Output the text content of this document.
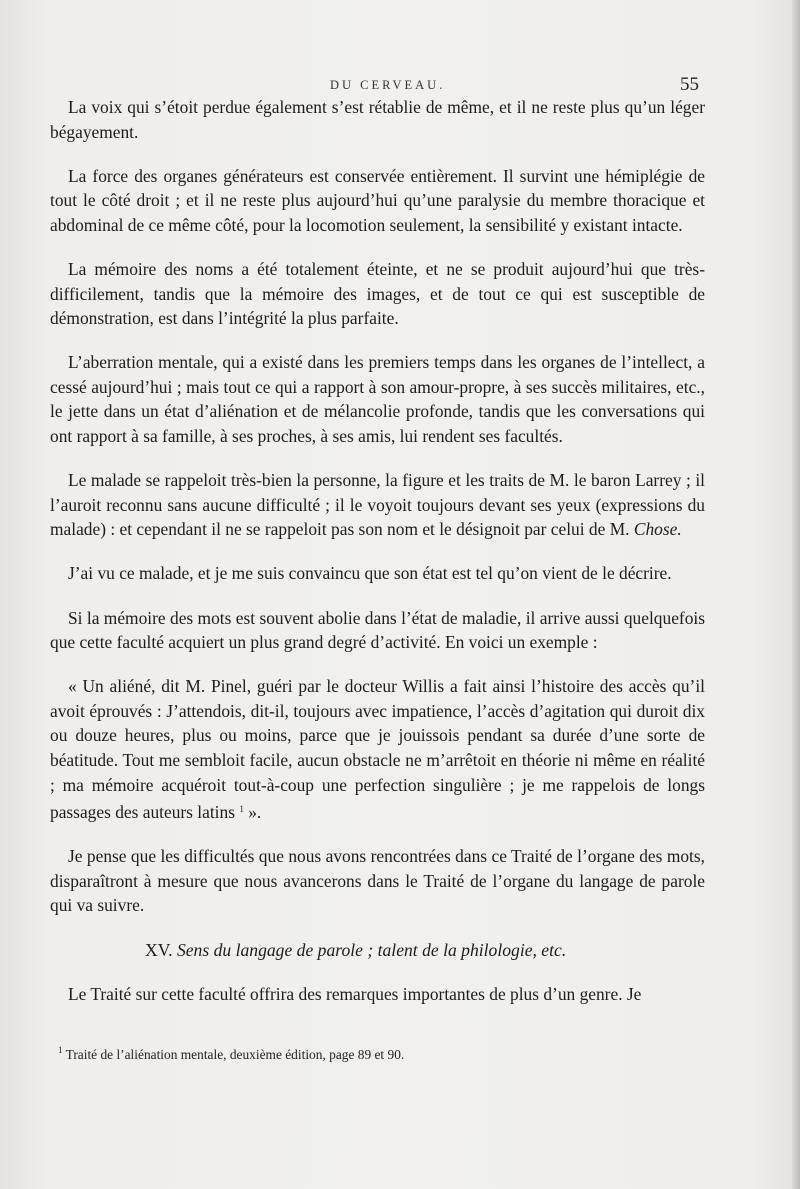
DU CERVEAU.	55

La voix qui s’étoit perdue également s’est rétablie de même, et il ne reste plus qu’un léger bégayement.

La force des organes générateurs est conservée entièrement. Il survint une hémiplégie de tout le côté droit ; et il ne reste plus aujourd’hui qu’une paralysie du membre thoracique et abdominal de ce même côté, pour la locomotion seulement, la sensibilité y existant intacte.

La mémoire des noms a été totalement éteinte, et ne se produit aujourd’hui que très-difficilement, tandis que la mémoire des images, et de tout ce qui est susceptible de démonstration, est dans l’intégrité la plus parfaite.

L’aberration mentale, qui a existé dans les premiers temps dans les organes de l’intellect, a cessé aujourd’hui ; mais tout ce qui a rapport à son amour-propre, à ses succès militaires, etc., le jette dans un état d’aliénation et de mélancolie profonde, tandis que les conversations qui ont rapport à sa famille, à ses proches, à ses amis, lui rendent ses facultés.

Le malade se rappeloit très-bien la personne, la figure et les traits de M. le baron Larrey ; il l’auroit reconnu sans aucune difficulté ; il le voyoit toujours devant ses yeux (expressions du malade) : et cependant il ne se rappeloit pas son nom et le désignoit par celui de M. Chose.

J’ai vu ce malade, et je me suis convaincu que son état est tel qu’on vient de le décrire.

Si la mémoire des mots est souvent abolie dans l’état de maladie, il arrive aussi quelquefois que cette faculté acquiert un plus grand degré d’activité. En voici un exemple :

« Un aliéné, dit M. Pinel, guéri par le docteur Willis a fait ainsi l’histoire des accès qu’il avoit éprouvés : J’attendois, dit-il, toujours avec impatience, l’accès d’agitation qui duroit dix ou douze heures, plus ou moins, parce que je jouissois pendant sa durée d’une sorte de béatitude. Tout me sembloit facile, aucun obstacle ne m’arrêtoit en théorie ni même en réalité ; ma mémoire acquéroit tout-à-coup une perfection singulière ; je me rappelois de longs passages des auteurs latins $^1$ ».

Je pense que les difficultés que nous avons rencontrées dans ce Traité de l’organe des mots, disparaîtront à mesure que nous avancerons dans le Traité de l’organe du langage de parole qui va suivre.

XV. Sens du langage de parole ; talent de la philologie, etc.

Le Traité sur cette faculté offrira des remarques importantes de plus d’un genre. Je

$^1$ Traité de l’aliénation mentale, deuxième édition, page 89 et 90.
